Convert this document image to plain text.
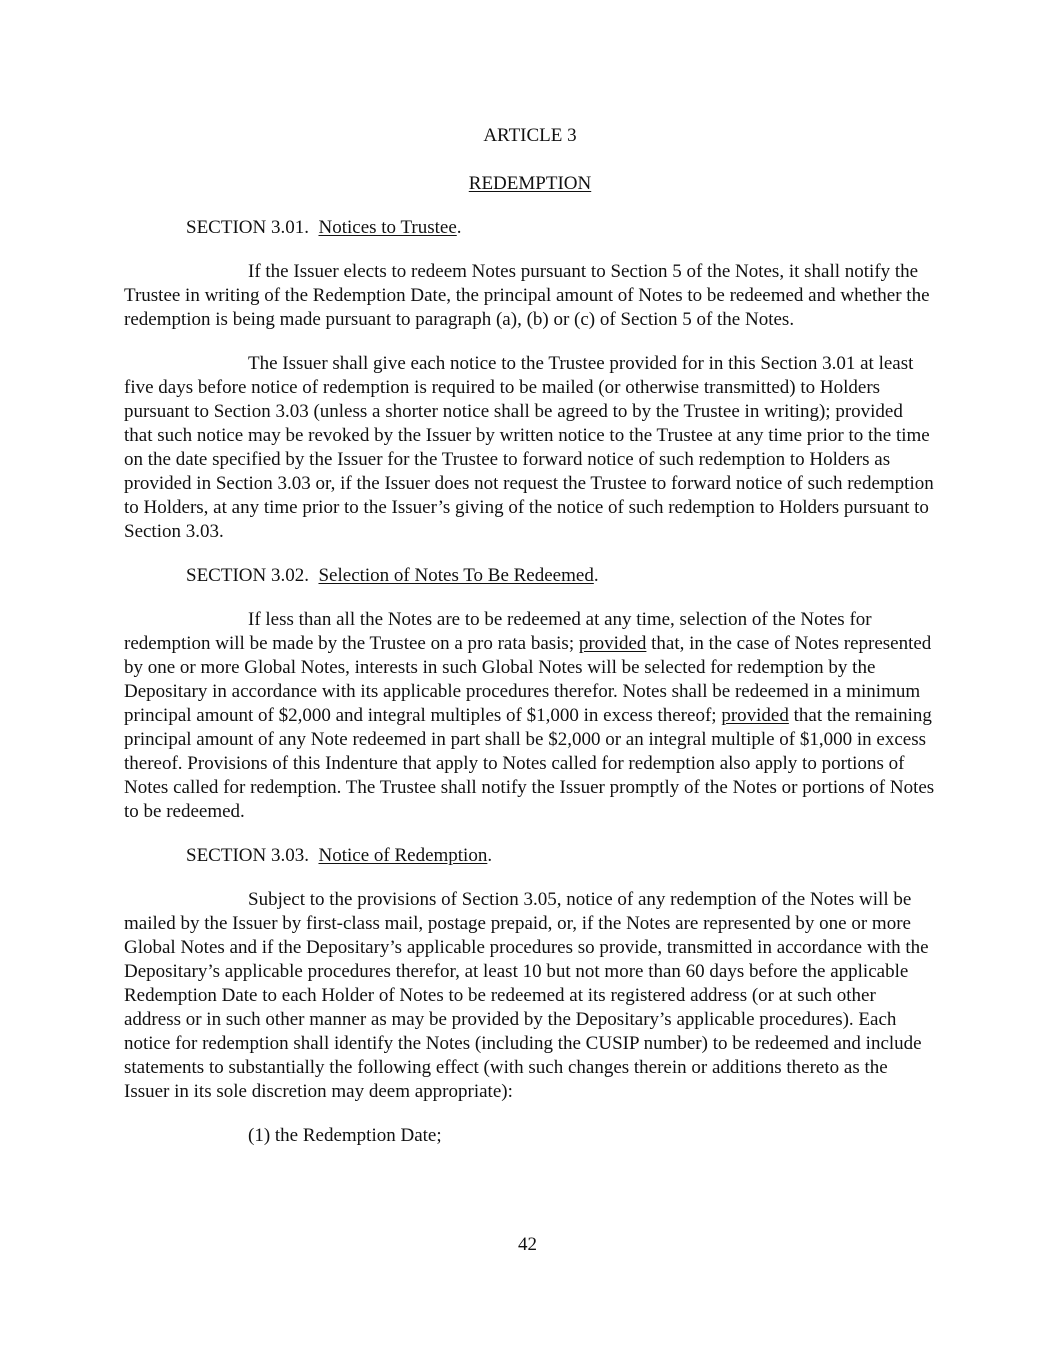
ARTICLE 3
REDEMPTION
SECTION 3.01. Notices to Trustee.

If the Issuer elects to redeem Notes pursuant to Section 5 of the Notes, it shall notify the Trustee in writing of the Redemption Date, the principal amount of Notes to be redeemed and whether the redemption is being made pursuant to paragraph (a), (b) or (c) of Section 5 of the Notes.

The Issuer shall give each notice to the Trustee provided for in this Section 3.01 at least five days before notice of redemption is required to be mailed (or otherwise transmitted) to Holders pursuant to Section 3.03 (unless a shorter notice shall be agreed to by the Trustee in writing); provided that such notice may be revoked by the Issuer by written notice to the Trustee at any time prior to the time on the date specified by the Issuer for the Trustee to forward notice of such redemption to Holders as provided in Section 3.03 or, if the Issuer does not request the Trustee to forward notice of such redemption to Holders, at any time prior to the Issuer’s giving of the notice of such redemption to Holders pursuant to Section 3.03.

SECTION 3.02. Selection of Notes To Be Redeemed.

If less than all the Notes are to be redeemed at any time, selection of the Notes for redemption will be made by the Trustee on a pro rata basis; provided that, in the case of Notes represented by one or more Global Notes, interests in such Global Notes will be selected for redemption by the Depositary in accordance with its applicable procedures therefor. Notes shall be redeemed in a minimum principal amount of $2,000 and integral multiples of $1,000 in excess thereof; provided that the remaining principal amount of any Note redeemed in part shall be $2,000 or an integral multiple of $1,000 in excess thereof. Provisions of this Indenture that apply to Notes called for redemption also apply to portions of Notes called for redemption. The Trustee shall notify the Issuer promptly of the Notes or portions of Notes to be redeemed.

SECTION 3.03. Notice of Redemption.

Subject to the provisions of Section 3.05, notice of any redemption of the Notes will be mailed by the Issuer by first-class mail, postage prepaid, or, if the Notes are represented by one or more Global Notes and if the Depositary’s applicable procedures so provide, transmitted in accordance with the Depositary’s applicable procedures therefor, at least 10 but not more than 60 days before the applicable Redemption Date to each Holder of Notes to be redeemed at its registered address (or at such other address or in such other manner as may be provided by the Depositary’s applicable procedures). Each notice for redemption shall identify the Notes (including the CUSIP number) to be redeemed and include statements to substantially the following effect (with such changes therein or additions thereto as the Issuer in its sole discretion may deem appropriate):

(1) the Redemption Date;

42
